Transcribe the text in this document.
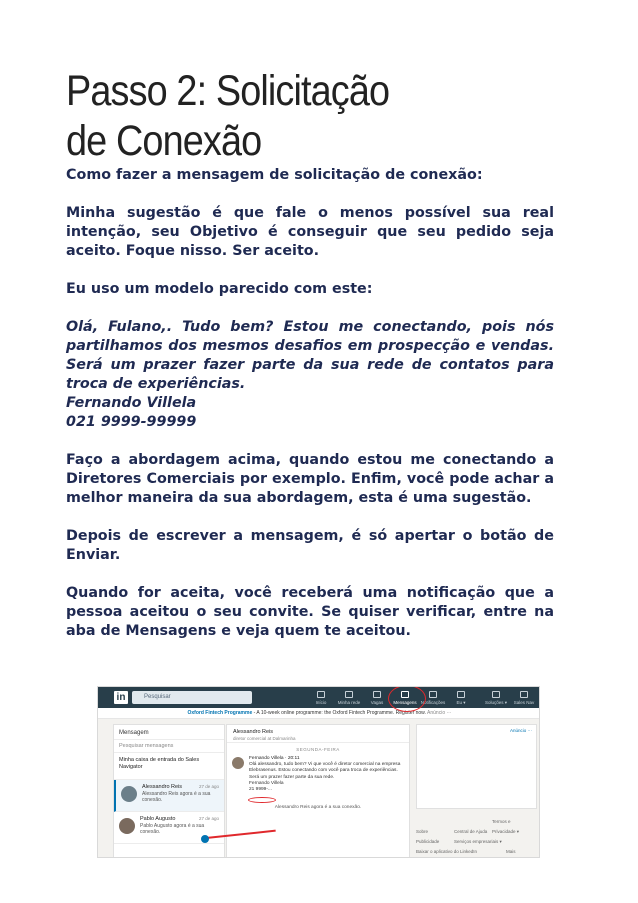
Passo 2: Solicitação
de Conexão

Como fazer a mensagem de solicitação de conexão:

Minha sugestão é que fale o menos possível sua real intenção, seu Objetivo é conseguir que seu pedido seja aceito. Foque nisso. Ser aceito.

Eu uso um modelo parecido com este:

Olá, Fulano,. Tudo bem? Estou me conectando, pois nós partilhamos dos mesmos desafios em prospecção e vendas. Será um prazer fazer parte da sua rede de contatos para troca de experiências.

Fernando Villela

021 9999-99999

Faço a abordagem acima, quando estou me conectando a Diretores Comerciais por exemplo. Enfim, você pode achar a melhor maneira da sua abordagem, esta é uma sugestão.

Depois de escrever a mensagem, é só apertar o botão de Enviar.

Quando for aceita, você receberá uma notificação que a pessoa aceitou o seu convite. Se quiser verificar, entre na aba de Mensagens e veja quem te aceitou.

in	Pesquisar
Início	Minha rede	Vagas	Mensagens Notificações	Eu ▾	Soluções ▾	Sales Nav
Oxford Fintech Programme - A 10-week online programme: the Oxford Fintech Programme. Register now. Anúncio ···
Mensagem
Pesquisar mensagens
Minha caixa de entrada do Sales Navigator
Alessandro Reis	27 de ago
Alessandro Reis agora é a sua conexão.
Pablo Augusto	27 de ago
Pablo Augusto agora é a sua conexão.
Alessandro Reis
diretor comercial at Dalmarinha
SEGUNDA-FEIRA
Fernando Villela · 20:11
Olá alessandro, tudo bem? Vi que você é diretor comercial na empresa Elebrasenus. Estou conectando com você para troca de experiências. Será um prazer fazer parte da sua rede.
Fernando Villela
21 9999-...
Alessandro Reis agora é a sua conexão.
Anúncio ···
Sobre	Central de AjudaTermos e Privacidade ▾ Publicidade	Serviços empresariais ▾ Baixar o aplicativo do LinkedIn	Mais
